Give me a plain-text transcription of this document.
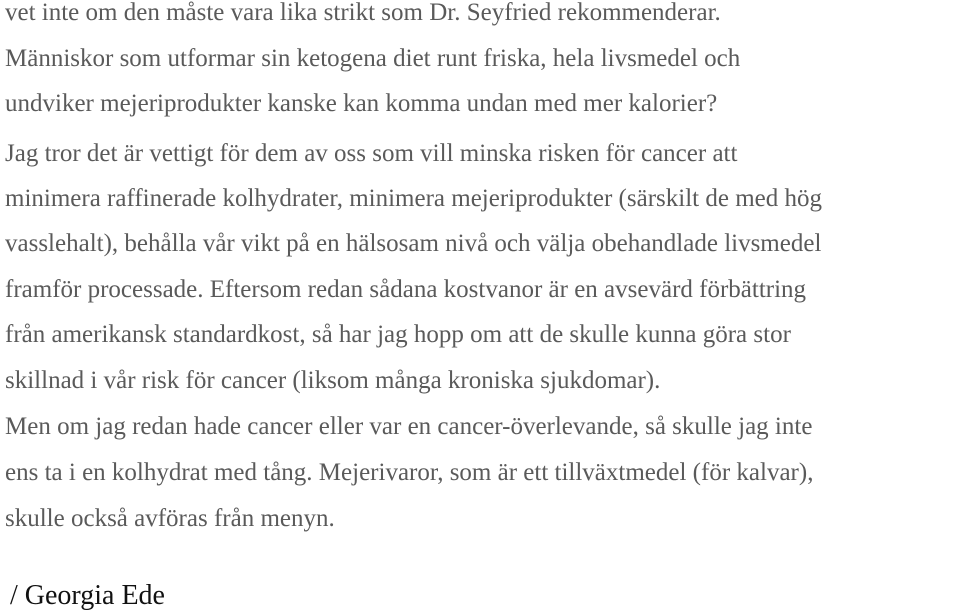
vet inte om den måste vara lika strikt som Dr. Seyfried rekommenderar.
Människor som utformar sin ketogena diet runt friska, hela livsmedel och
undviker mejeriprodukter kanske kan komma undan med mer kalorier?
Jag tror det är vettigt för dem av oss som vill minska risken för cancer att
minimera raffinerade kolhydrater, minimera mejeriprodukter (särskilt de med hög
vasslehalt), behålla vår vikt på en hälsosam nivå och välja obehandlade livsmedel
framför processade. Eftersom redan sådana kostvanor är en avsevärd förbättring
från amerikansk standardkost, så har jag hopp om att de skulle kunna göra stor
skillnad i vår risk för cancer (liksom många kroniska sjukdomar).
Men om jag redan hade cancer eller var en cancer-överlevande, så skulle jag inte
ens ta i en kolhydrat med tång. Mejerivaror, som är ett tillväxtmedel (för kalvar),
skulle också avföras från menyn.
/ Georgia Ede
